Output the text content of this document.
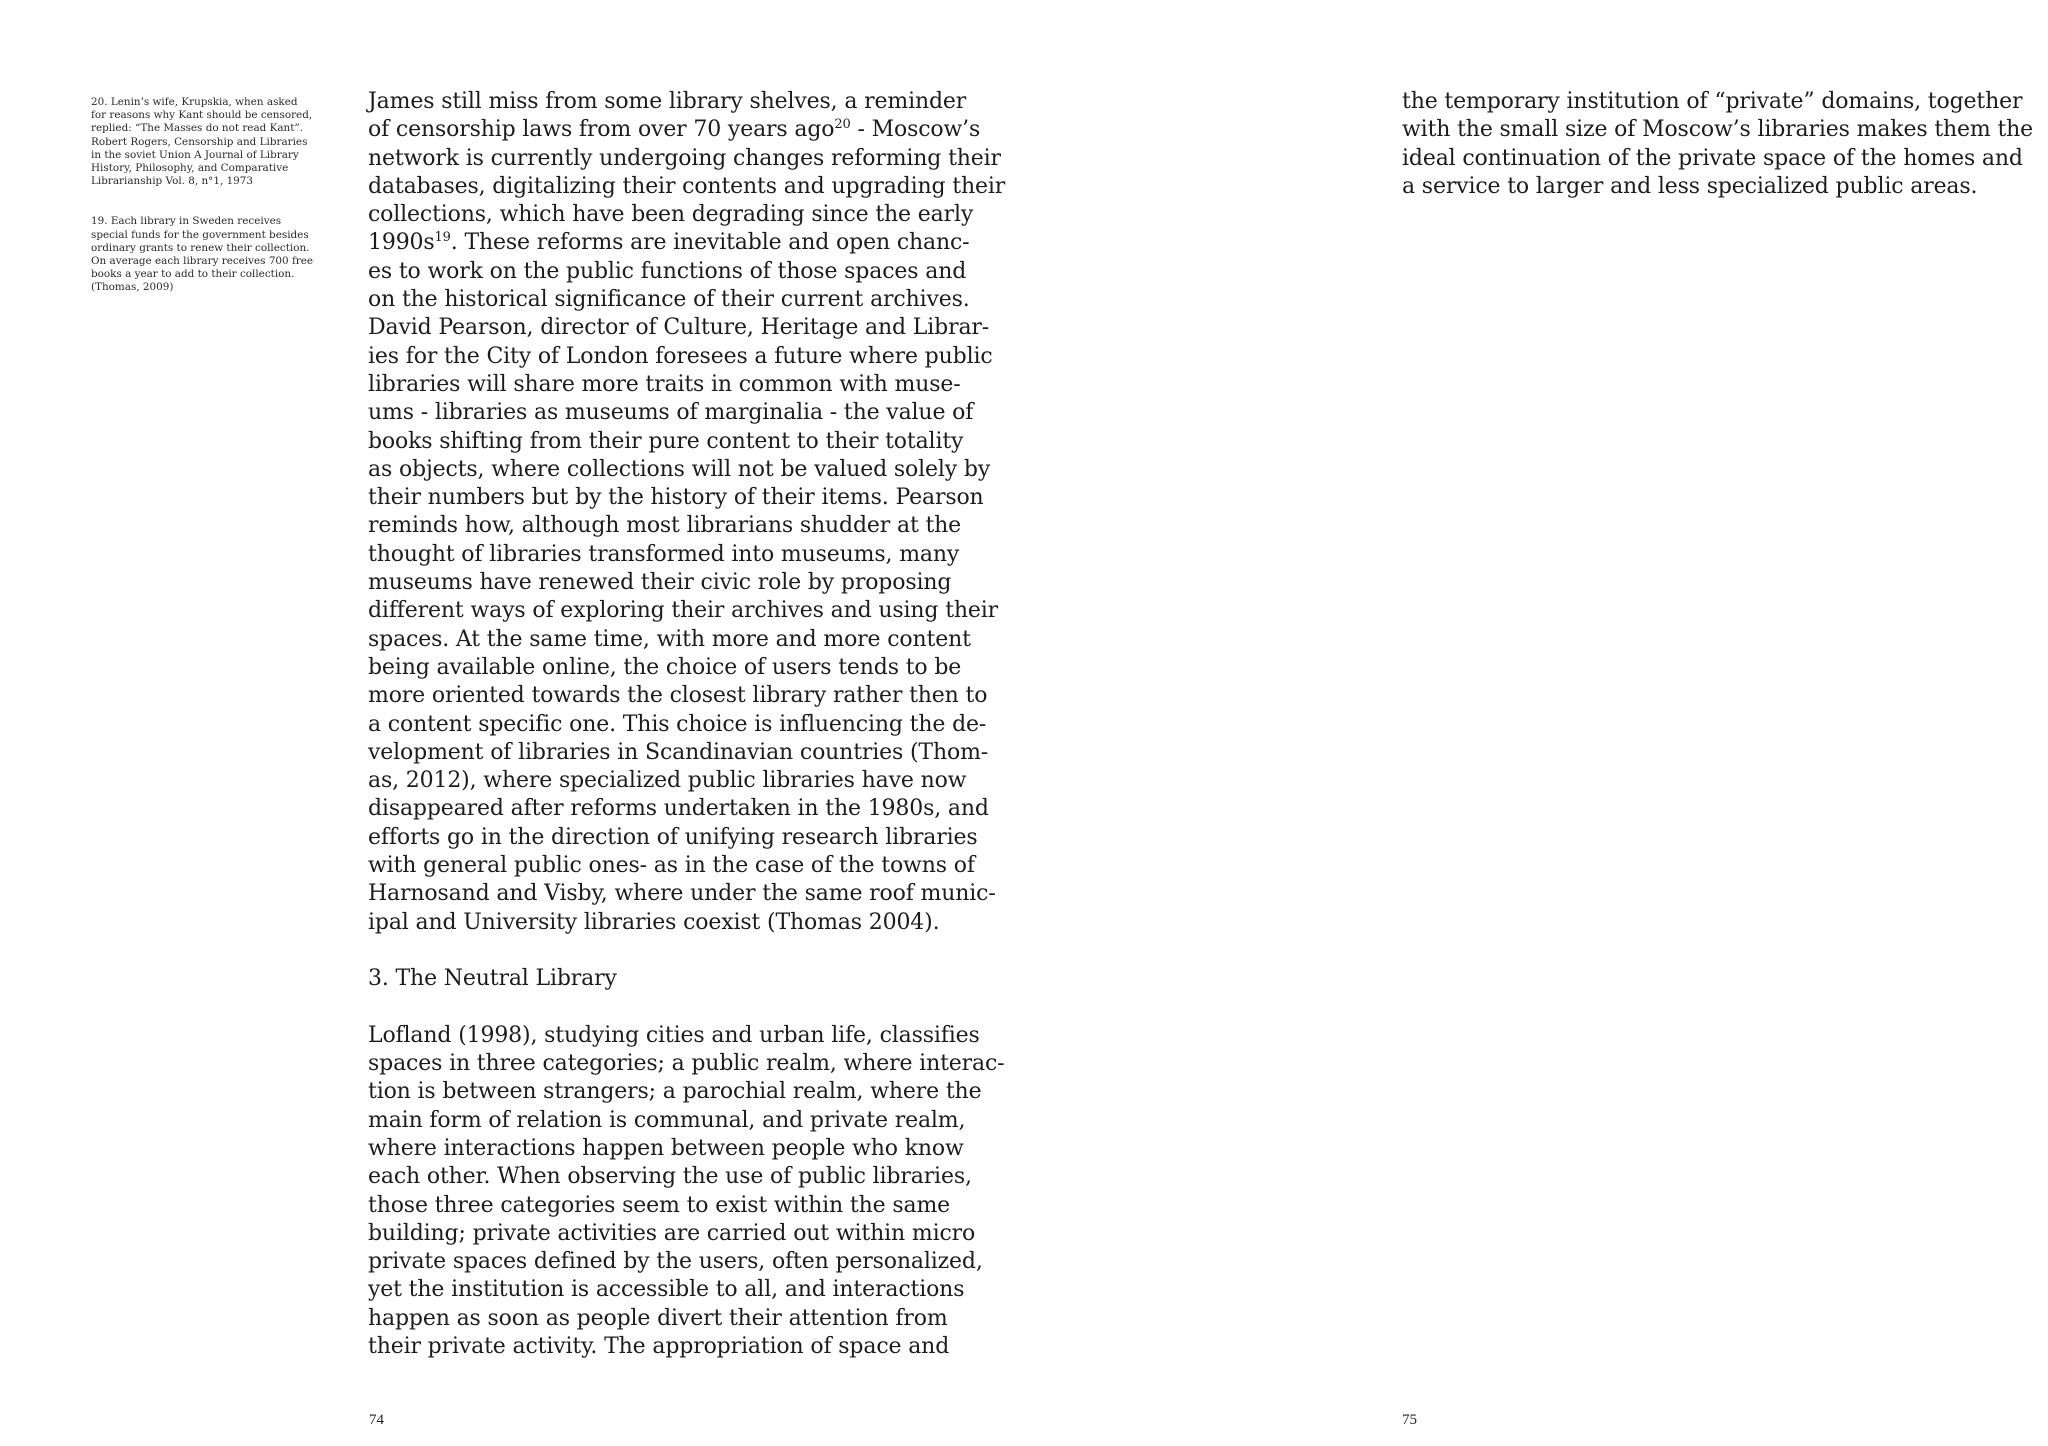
20. Lenin’s wife, Krupskia, when asked
for reasons why Kant should be censored,
replied: “The Masses do not read Kant”.
Robert Rogers, Censorship and Libraries
in the soviet Union A Journal of Library
History, Philosophy, and Comparative
Librarianship Vol. 8, n°1, 1973
19. Each library in Sweden receives
special funds for the government besides
ordinary grants to renew their collection.
On average each library receives 700 free
books a year to add to their collection.
(Thomas, 2009)
James still miss from some library shelves, a reminder
of censorship laws from over 70 years ago$^{20}$ - Moscow’s
network is currently undergoing changes reforming their
databases, digitalizing their contents and upgrading their
collections, which have been degrading since the early
$1990s^{19}$. These reforms are inevitable and open chanc-
es to work on the public functions of those spaces and
on the historical significance of their current archives.
David Pearson, director of Culture, Heritage and Librar-
ies for the City of London foresees a future where public
libraries will share more traits in common with muse-
ums - libraries as museums of marginalia - the value of
books shifting from their pure content to their totality
as objects, where collections will not be valued solely by
their numbers but by the history of their items. Pearson
reminds how, although most librarians shudder at the
thought of libraries transformed into museums, many
museums have renewed their civic role by proposing
different ways of exploring their archives and using their
spaces. At the same time, with more and more content
being available online, the choice of users tends to be
more oriented towards the closest library rather then to
a content specific one. This choice is influencing the de-
velopment of libraries in Scandinavian countries (Thom-
as, 2012), where specialized public libraries have now
disappeared after reforms undertaken in the 1980s, and
efforts go in the direction of unifying research libraries
with general public ones- as in the case of the towns of
Harnosand and Visby, where under the same roof munic-
ipal and University libraries coexist (Thomas 2004).
3. The Neutral Library
Lofland (1998), studying cities and urban life, classifies
spaces in three categories; a public realm, where interac-
tion is between strangers; a parochial realm, where the
main form of relation is communal, and private realm,
where interactions happen between people who know
each other. When observing the use of public libraries,
those three categories seem to exist within the same
building; private activities are carried out within micro
private spaces defined by the users, often personalized,
yet the institution is accessible to all, and interactions
happen as soon as people divert their attention from
their private activity. The appropriation of space and
74
the temporary institution of “private” domains, together
with the small size of Moscow’s libraries makes them the
ideal continuation of the private space of the homes and
a service to larger and less specialized public areas.
75
